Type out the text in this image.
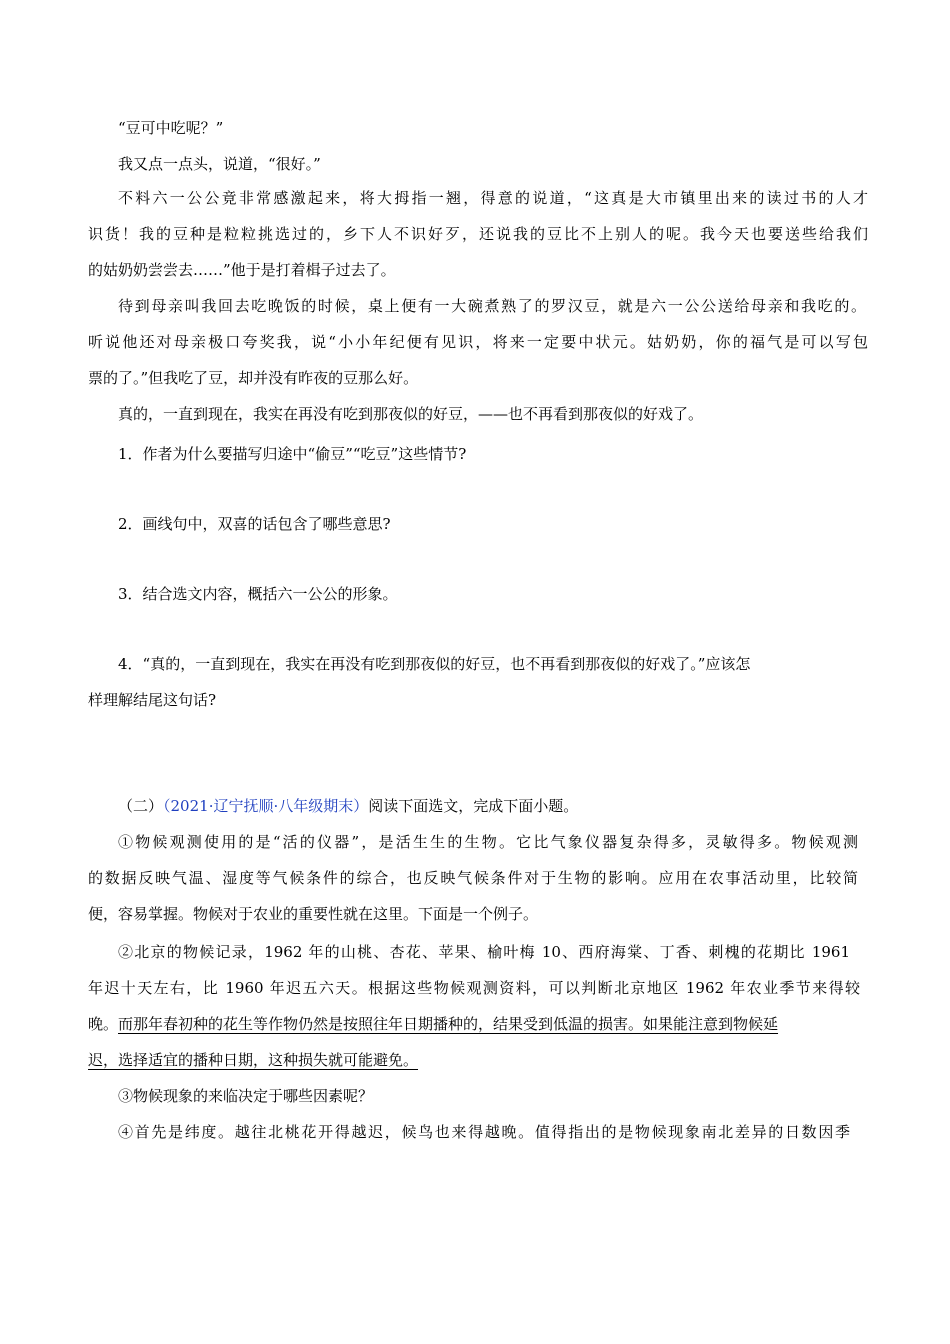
“豆可中吃呢？”
我又点一点头，说道，“很好。”
不料六一公公竟非常感激起来，将大拇指一翘，得意的说道，“这真是大市镇里出来的读过书的人才
识货！我的豆种是粒粒挑选过的，乡下人不识好歹，还说我的豆比不上别人的呢。我今天也要送些给我们
的姑奶奶尝尝去……”他于是打着楫子过去了。
待到母亲叫我回去吃晚饭的时候，桌上便有一大碗煮熟了的罗汉豆，就是六一公公送给母亲和我吃的。
听说他还对母亲极口夸奖我，说“小小年纪便有见识，将来一定要中状元。姑奶奶，你的福气是可以写包
票的了。”但我吃了豆，却并没有昨夜的豆那么好。
真的，一直到现在，我实在再没有吃到那夜似的好豆，——也不再看到那夜似的好戏了。
1．作者为什么要描写归途中“偷豆”“吃豆”这些情节?
2．画线句中，双喜的话包含了哪些意思?
3．结合选文内容，概括六一公公的形象。
4．“真的，一直到现在，我实在再没有吃到那夜似的好豆，也不再看到那夜似的好戏了。”应该怎
样理解结尾这句话?
（二）（2021·辽宁抚顺·八年级期末）阅读下面选文，完成下面小题。
①物候观测使用的是“活的仪器”，是活生生的生物。它比气象仪器复杂得多，灵敏得多。物候观测
的数据反映气温、湿度等气候条件的综合，也反映气候条件对于生物的影响。应用在农事活动里，比较简
便，容易掌握。物候对于农业的重要性就在这里。下面是一个例子。
②北京的物候记录，1962 年的山桃、杏花、苹果、榆叶梅 10、西府海棠、丁香、刺槐的花期比 1961
年迟十天左右，比 1960 年迟五六天。根据这些物候观测资料，可以判断北京地区 1962 年农业季节来得较
晚。而那年春初种的花生等作物仍然是按照往年日期播种的，结果受到低温的损害。如果能注意到物候延
迟，选择适宜的播种日期，这种损失就可能避免。
③物候现象的来临决定于哪些因素呢？
④首先是纬度。越往北桃花开得越迟，候鸟也来得越晚。值得指出的是物候现象南北差异的日数因季
